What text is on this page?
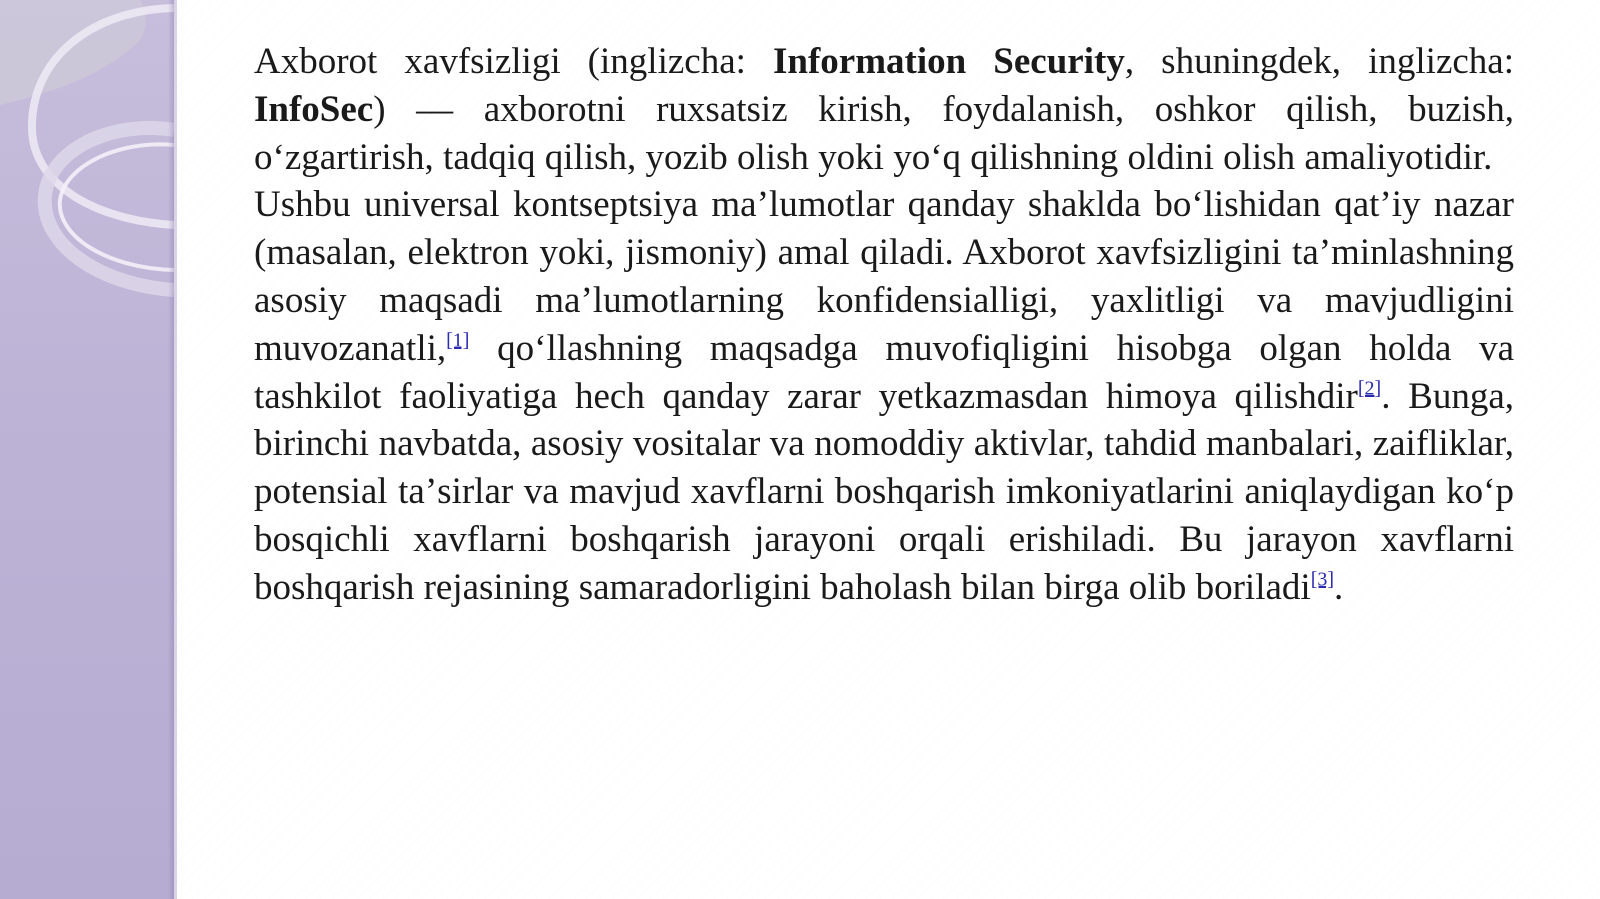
Axborot xavfsizligi (inglizcha: Information Security, shuningdek, inglizcha: InfoSec) — axborotni ruxsatsiz kirish, foydalanish, oshkor qilish, buzish, oʻzgartirish, tadqiq qilish, yozib olish yoki yoʻq qilishning oldini olish amaliyotidir.

Ushbu universal kontseptsiya maʼlumotlar qanday shaklda boʻlishidan qatʼiy nazar (masalan, elektron yoki, jismoniy) amal qiladi. Axborot xavfsizligini taʼminlashning asosiy maqsadi maʼlumotlarning konfidensialligi, yaxlitligi va mavjudligini muvozanatli,[1] qoʻllashning maqsadga muvofiqligini hisobga olgan holda va tashkilot faoliyatiga hech qanday zarar yetkazmasdan himoya qilishdir[2]. Bunga, birinchi navbatda, asosiy vositalar va nomoddiy aktivlar, tahdid manbalari, zaifliklar, potensial taʼsirlar va mavjud xavflarni boshqarish imkoniyatlarini aniqlaydigan koʻp bosqichli xavflarni boshqarish jarayoni orqali erishiladi. Bu jarayon xavflarni boshqarish rejasining samaradorligini baholash bilan birga olib boriladi[3].
